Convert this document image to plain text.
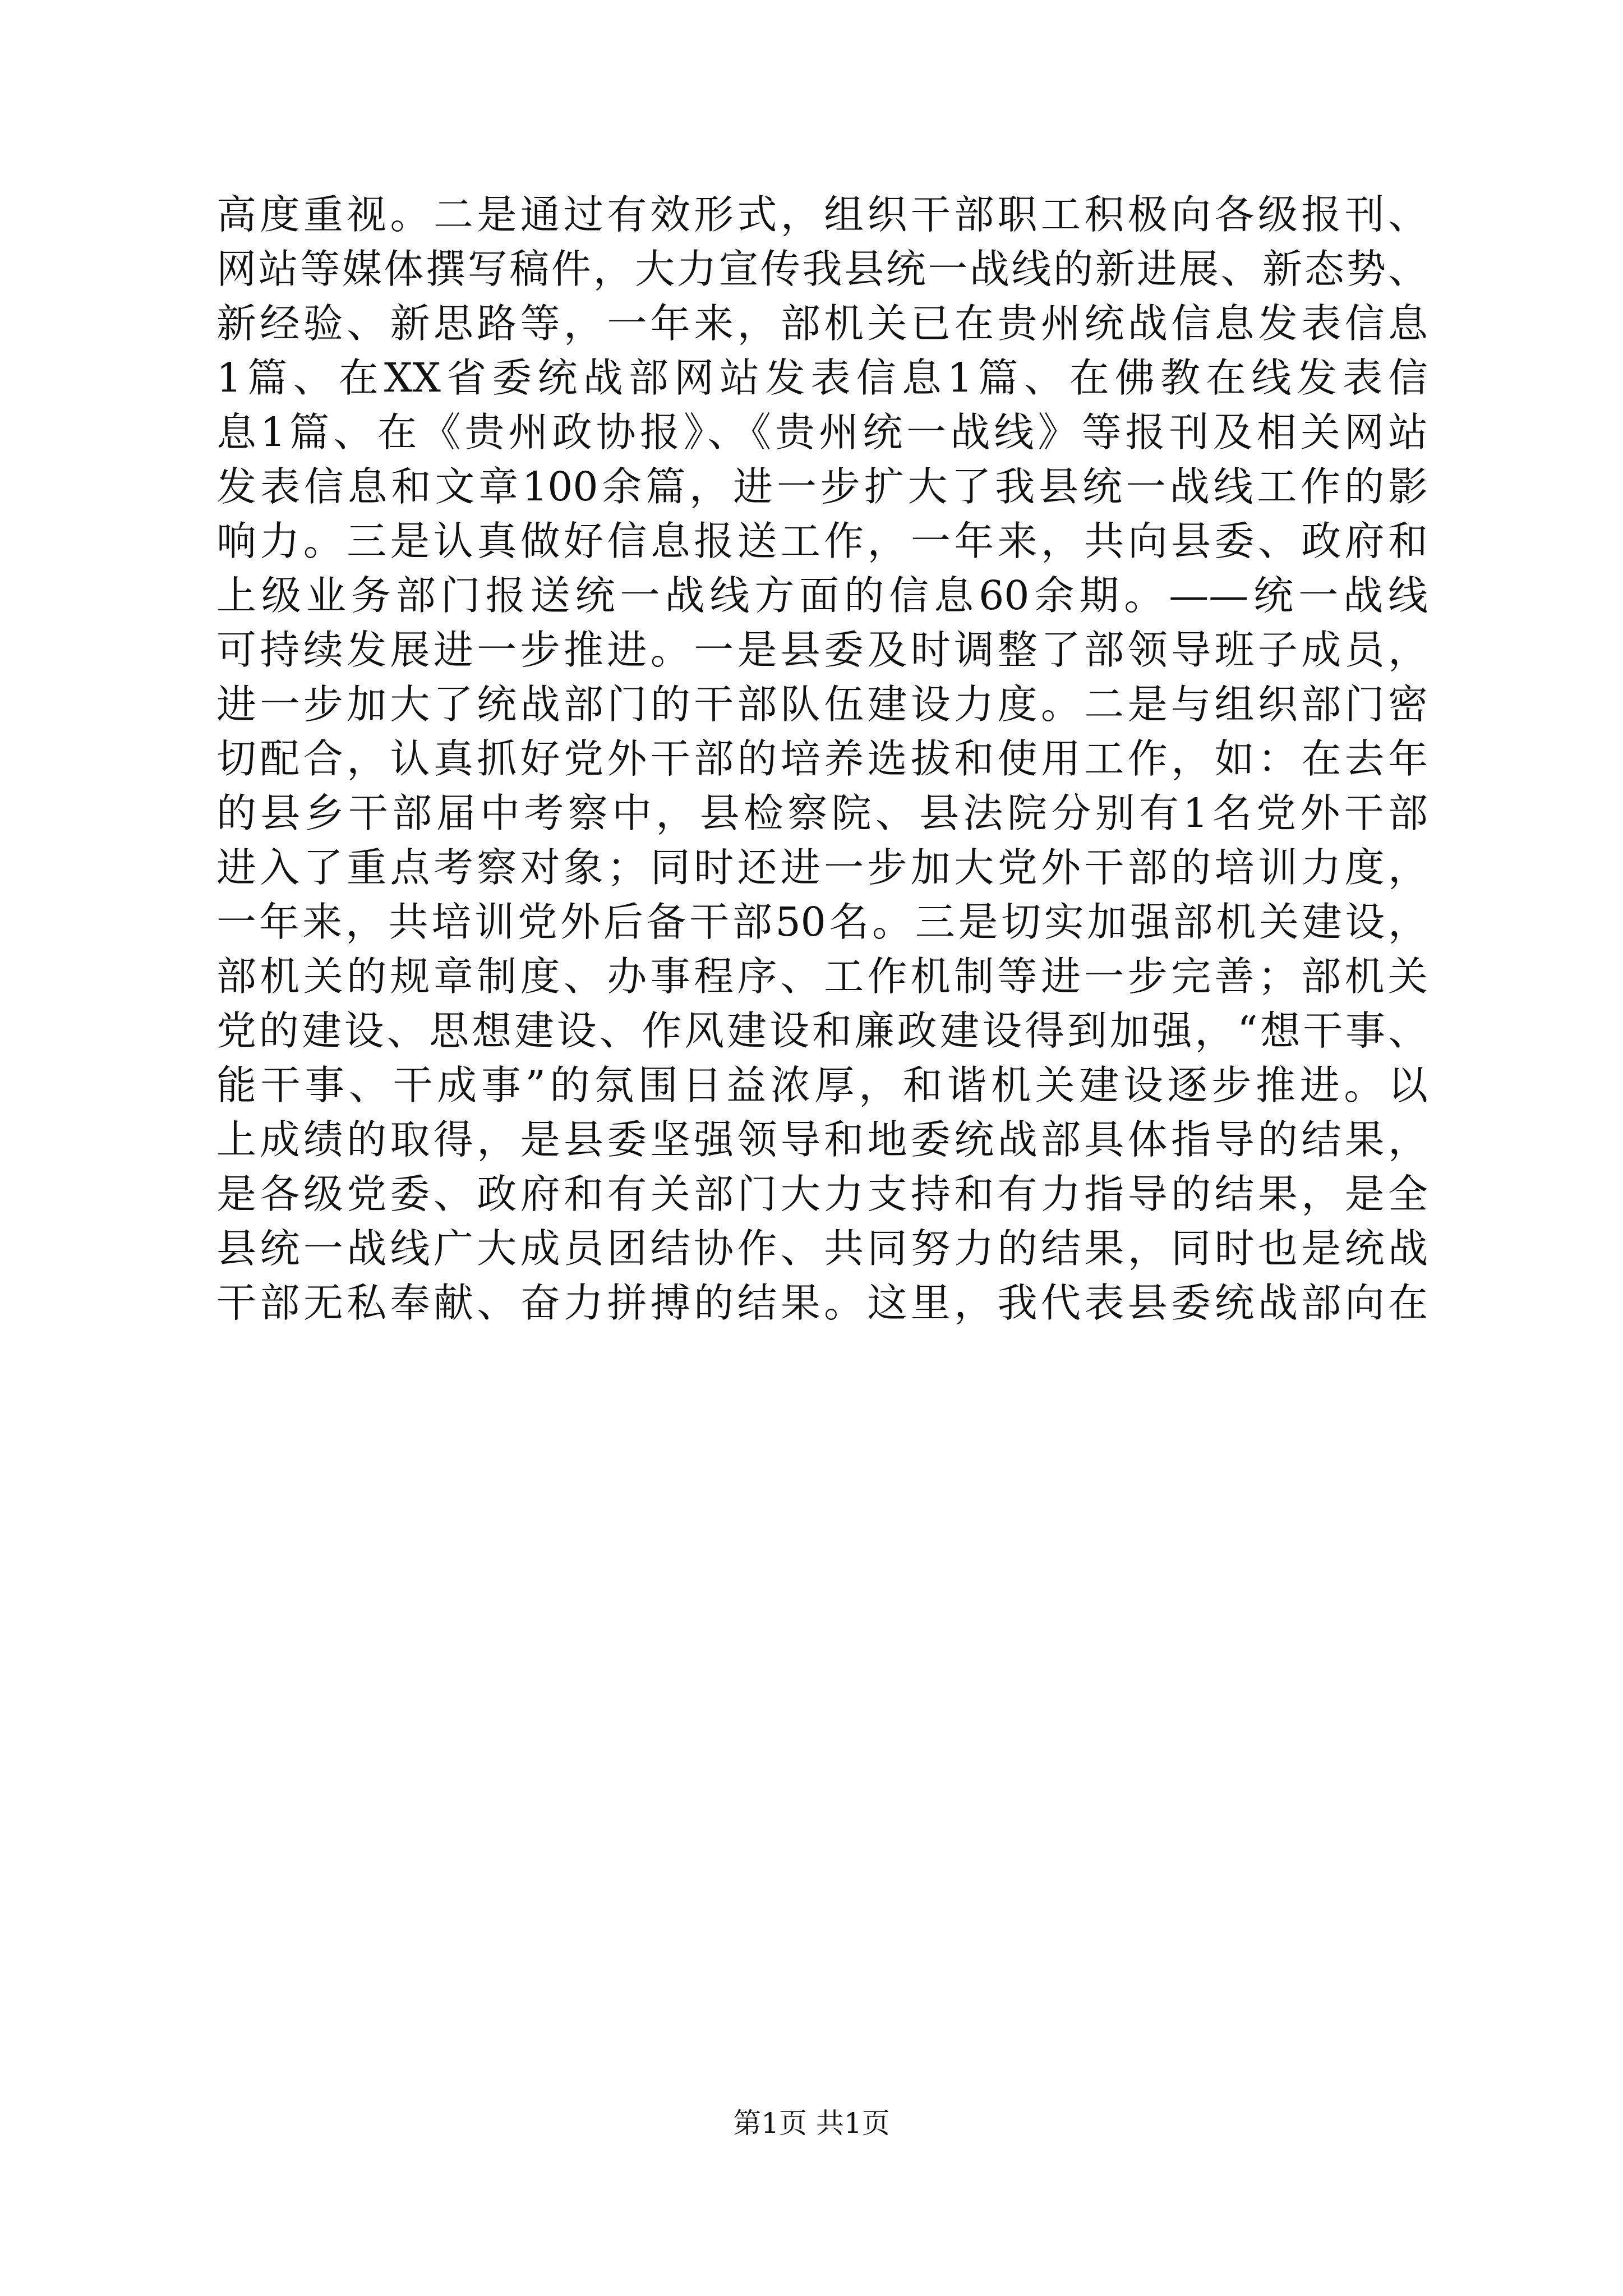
高度重视。二是通过有效形式，组织干部职工积极向各级报刊、
网站等媒体撰写稿件，大力宣传我县统一战线的新进展、新态势、
新经验、新思路等，一年来，部机关已在贵州统战信息发表信息
1篇、在XX省委统战部网站发表信息1篇、在佛教在线发表信
息1篇、在《贵州政协报》、《贵州统一战线》等报刊及相关网站
发表信息和文章100余篇，进一步扩大了我县统一战线工作的影
响力。三是认真做好信息报送工作，一年来，共向县委、政府和
上级业务部门报送统一战线方面的信息60余期。——统一战线
可持续发展进一步推进。一是县委及时调整了部领导班子成员，
进一步加大了统战部门的干部队伍建设力度。二是与组织部门密
切配合，认真抓好党外干部的培养选拔和使用工作，如：在去年
的县乡干部届中考察中，县检察院、县法院分别有1名党外干部
进入了重点考察对象；同时还进一步加大党外干部的培训力度，
一年来，共培训党外后备干部50名。三是切实加强部机关建设，
部机关的规章制度、办事程序、工作机制等进一步完善；部机关
党的建设、思想建设、作风建设和廉政建设得到加强，“想干事、
能干事、干成事”的氛围日益浓厚，和谐机关建设逐步推进。以
上成绩的取得，是县委坚强领导和地委统战部具体指导的结果，
是各级党委、政府和有关部门大力支持和有力指导的结果，是全
县统一战线广大成员团结协作、共同努力的结果，同时也是统战
干部无私奉献、奋力拼搏的结果。这里，我代表县委统战部向在
第1页 共1页
